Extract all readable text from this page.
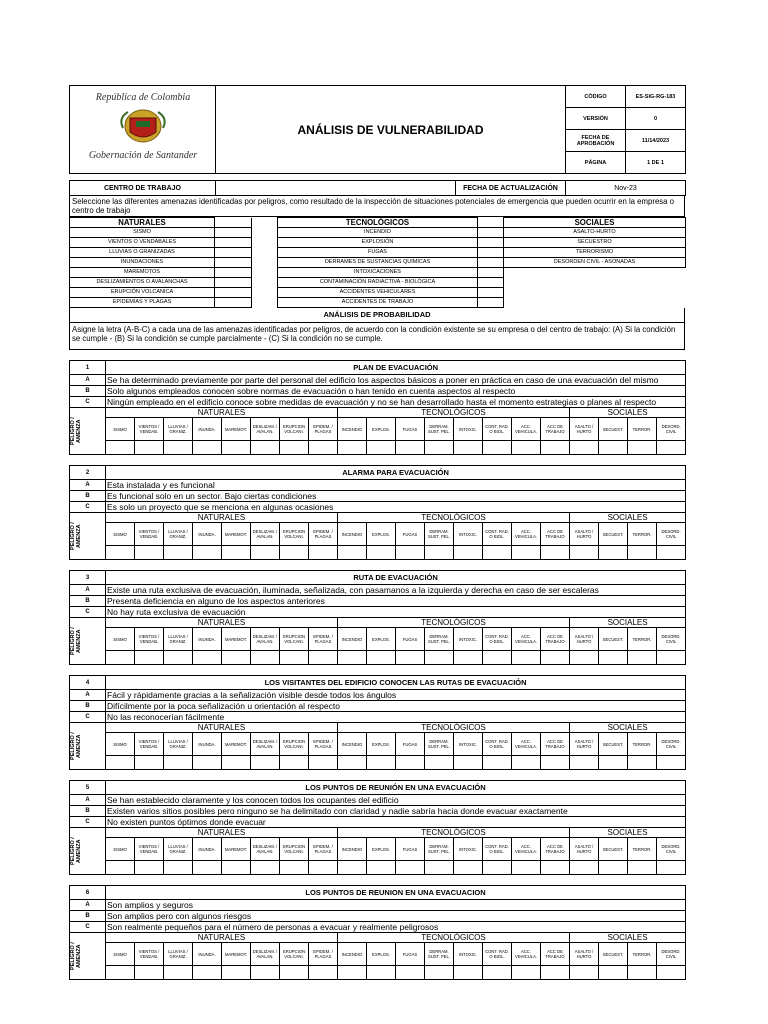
República de Colombia
Gobernación de Santander	ANÁLISIS DE VULNERABILIDAD	CÓDIGO	ES-SIG-RG-183
		VERSIÓN	0
		FECHA DE APROBACIÓN	11/14/2023
		PÁGINA	1 DE 1
CENTRO DE TRABAJO		FECHA DE ACTUALIZACIÓN	Nov-23
Seleccione las diferentes amenazas identificadas por peligros, como resultado de la inspección de situaciones potenciales de emergencia que pueden ocurrir en la empresa o centro de trabajo
NATURALES			TECNOLÓGICOS		SOCIALES
SISMO			INCENDIO		ASALTO-HURTO
VIENTOS O VENDABALES			EXPLOSIÓN		SECUESTRO
LLUVIAS O GRANIZADAS			FUGAS		TERRORISMO
INUNDACIONES			DERRAMES DE SUSTANCIAS QUIMICAS		DESORDEN CIVIL - ASONADAS
MAREMOTOS			INTOXICACIONES		
DESLIZAMIENTOS O AVALANCHAS			CONTAMINACIÓN RADIACTIVA - BIOLÓGICA		
ERUPCIÓN VOLCANICA			ACCIDENTES VEHICULARES		
EPIDEMIAS Y PLAGAS			ACCIDENTES DE TRABAJO		
ANÁLISIS DE PROBABILIDAD
Asigne la letra (A-B-C) a cada una de las amenazas identificadas por peligros, de acuerdo con la condición existente se su empresa o del centro de trabajo: (A) Si la condición se cumple - (B) Si la condición se cumple parcialmente - (C) Si la condición no se cumple.
1	PLAN DE EVACUACIÓN																			
A	Se ha determinado previamente por parte del personal del edificio los aspectos básicos a poner en práctica en caso de una evacuación del mismo																			
B	Solo algunos empleados conocen sobre normas de evacuación o han tenido en cuenta aspectos al respecto																			
C	Ningún empleado en el edificio conoce sobre medidas de evacuación y no se han desarrollado hasta el momento estrategias o planes al respecto																			

PELIGRO / AMENZA	NATURALES								TECNOLÓGICOS								SOCIALES			
	SISMO	VIENTOS / VENDAB.	LLUVIAS / GRANIZ.	INUNDA.	MAREMOT.	DESLIZAM. / AVALAN.	ERUPCION VOLCANI.	EPIDEM. / PLAGAS	INCENDIO	EXPLOS.	FUGAS	DERRAM. SUST. PEL.	INTOXIC.	CONT. RAD. O BIOL.	ACC. VEHICULA.	ACC DE TRABAJO	ASALTO / HURTO	SECUEST.	TERROR.	DESORD. CIVIL

2	ALARMA PARA EVACUACIÓN																			
A	Esta instalada y es funcional																			
B	Es funcional solo en un sector. Bajo ciertas condiciones																			
C	Es solo un proyecto que se menciona en algunas ocasiones																			

PELIGRO / AMENZA	NATURALES								TECNOLÓGICOS								SOCIALES			
	SISMO	VIENTOS / VENDAB.	LLUVIAS / GRANIZ.	INUNDA.	MAREMOT.	DESLIZAM. / AVALAN.	ERUPCION VOLCANI.	EPIDEM. / PLAGAS	INCENDIO	EXPLOS.	FUGAS	DERRAM. SUST. PEL.	INTOXIC.	CONT. RAD. O BIOL.	ACC. VEHICULA.	ACC DE TRABAJO	ASALTO / HURTO	SECUEST.	TERROR.	DESORD. CIVIL

3	RUTA DE EVACUACIÓN																			
A	Existe una ruta exclusiva de evacuación, iluminada, señalizada, con pasamanos a la izquierda y derecha en caso de ser escaleras																			
B	Presenta deficiencia en alguno de los aspectos anteriores																			
C	No hay ruta exclusiva de evacuación																			

PELIGRO / AMENZA	NATURALES								TECNOLÓGICOS								SOCIALES			
	SISMO	VIENTOS / VENDAB.	LLUVIAS / GRANIZ.	INUNDA.	MAREMOT.	DESLIZAM. / AVALAN.	ERUPCION VOLCANI.	EPIDEM. / PLAGAS	INCENDIO	EXPLOS.	FUGAS	DERRAM. SUST. PEL.	INTOXIC.	CONT. RAD. O BIOL.	ACC. VEHICULA.	ACC DE TRABAJO	ASALTO / HURTO	SECUEST.	TERROR.	DESORD. CIVIL

4	LOS VISITANTES DEL EDIFICIO CONOCEN LAS RUTAS DE EVACUACIÓN																			
A	Fácil y rápidamente gracias a la señalización visible desde todos los ángulos																			
B	Difícilmente por la poca señalización u orientación al respecto																			
C	No las reconocerían fácilmente																			

PELIGRO / AMENZA	NATURALES								TECNOLÓGICOS								SOCIALES			
	SISMO	VIENTOS / VENDAB.	LLUVIAS / GRANIZ.	INUNDA.	MAREMOT.	DESLIZAM. / AVALAN.	ERUPCION VOLCANI.	EPIDEM. / PLAGAS	INCENDIO	EXPLOS.	FUGAS	DERRAM. SUST. PEL.	INTOXIC.	CONT. RAD. O BIOL.	ACC. VEHICULA.	ACC DE TRABAJO	ASALTO / HURTO	SECUEST.	TERROR.	DESORD. CIVIL

5	LOS PUNTOS DE REUNIÓN EN UNA EVACUACIÓN																			
A	Se han establecido claramente y los conocen todos los ocupantes del edificio																			
B	Existen varios sitios posibles pero ninguno se ha delimitado con claridad y nadie sabría hacia donde evacuar exactamente																			
C	No existen puntos óptimos donde evacuar																			

PELIGRO / AMENZA	NATURALES								TECNOLÓGICOS								SOCIALES			
	SISMO	VIENTOS / VENDAB.	LLUVIAS / GRANIZ.	INUNDA.	MAREMOT.	DESLIZAM. / AVALAN.	ERUPCION VOLCANI.	EPIDEM. / PLAGAS	INCENDIO	EXPLOS.	FUGAS	DERRAM. SUST. PEL.	INTOXIC.	CONT. RAD. O BIOL.	ACC. VEHICULA.	ACC DE TRABAJO	ASALTO / HURTO	SECUEST.	TERROR.	DESORD. CIVIL

6	LOS PUNTOS DE REUNION EN UNA EVACUACION																			
A	Son amplios y seguros																			
B	Son amplios pero con algunos riesgos																			
C	Son realmente pequeños para el número de personas a evacuar y realmente peligrosos																			

PELIGRO / AMENZA	NATURALES								TECNOLÓGICOS								SOCIALES			
	SISMO	VIENTOS / VENDAB.	LLUVIAS / GRANIZ.	INUNDA.	MAREMOT.	DESLIZAM. / AVALAN.	ERUPCION VOLCANI.	EPIDEM. / PLAGAS	INCENDIO	EXPLOS.	FUGAS	DERRAM. SUST. PEL.	INTOXIC.	CONT. RAD. O BIOL.	ACC. VEHICULA.	ACC DE TRABAJO	ASALTO / HURTO	SECUEST.	TERROR.	DESORD. CIVIL
